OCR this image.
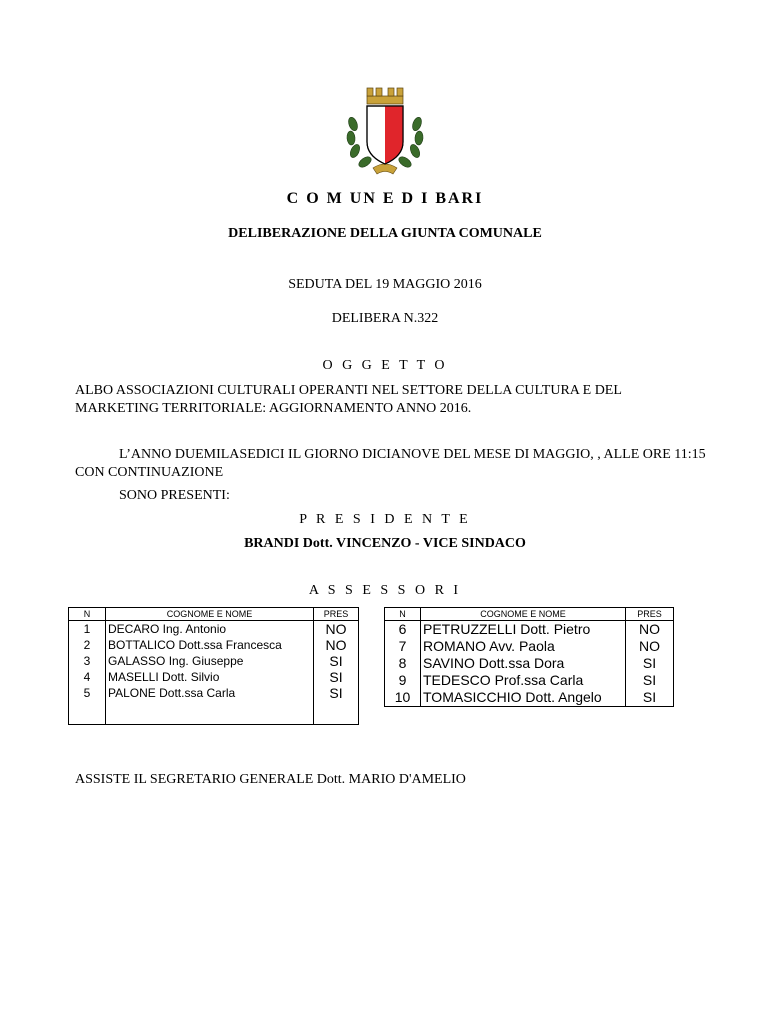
C O M UN E D I BARI
DELIBERAZIONE DELLA GIUNTA COMUNALE
SEDUTA DEL 19 MAGGIO 2016
DELIBERA N.322
O G G E T T O
ALBO ASSOCIAZIONI CULTURALI OPERANTI NEL SETTORE DELLA CULTURA E DEL MARKETING TERRITORIALE: AGGIORNAMENTO ANNO 2016.
L’ANNO DUEMILASEDICI IL GIORNO DICIANOVE DEL MESE DI MAGGIO, , ALLE ORE 11:15 CON CONTINUAZIONE
SONO PRESENTI:
P R E S I D E N T E
BRANDI Dott. VINCENZO - VICE SINDACO
A S S E S S O R I
N	COGNOME E NOME	PRES
1	DECARO Ing. Antonio	NO
2	BOTTALICO Dott.ssa Francesca	NO
3	GALASSO Ing. Giuseppe	SI
4	MASELLI Dott. Silvio	SI
5	PALONE Dott.ssa Carla	SI

N	COGNOME E NOME	PRES
6	PETRUZZELLI Dott. Pietro	NO
7	ROMANO Avv. Paola	NO
8	SAVINO Dott.ssa Dora	SI
9	TEDESCO Prof.ssa Carla	SI
10	TOMASICCHIO Dott. Angelo	SI
ASSISTE IL SEGRETARIO GENERALE Dott. MARIO D'AMELIO
